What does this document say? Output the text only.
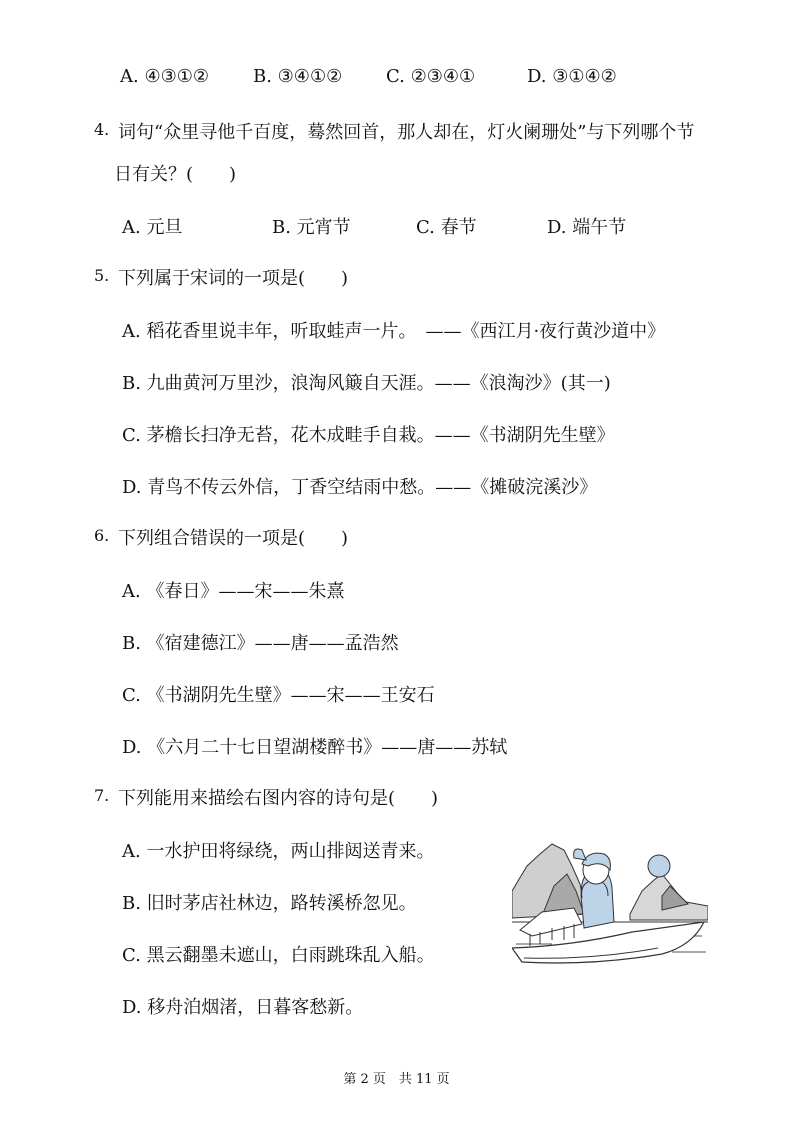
A. ④③①② B. ③④①② C. ②③④①	D. ③①④②
4. 词句“众里寻他千百度，蓦然回首，那人却在，灯火阑珊处”与下列哪个节
日有关？(　　)
A. 元旦	B. 元宵节	C. 春节	D. 端午节
5. 下列属于宋词的一项是(　　)
A. 稻花香里说丰年，听取蛙声一片。　——《西江月·夜行黄沙道中》
B. 九曲黄河万里沙，浪淘风簸自天涯。——《浪淘沙》(其一)
C. 茅檐长扫净无苔，花木成畦手自栽。——《书湖阴先生壁》
D. 青鸟不传云外信，丁香空结雨中愁。——《摊破浣溪沙》
6. 下列组合错误的一项是(　　)
A. 《春日》——宋——朱熹
B. 《宿建德江》——唐——孟浩然
C. 《书湖阴先生壁》——宋——王安石
D. 《六月二十七日望湖楼醉书》——唐——苏轼
7. 下列能用来描绘右图内容的诗句是(　　)
A. 一水护田将绿绕，两山排闼送青来。
B. 旧时茅店社林边，路转溪桥忽见。
C. 黑云翻墨未遮山，白雨跳珠乱入船。
D. 移舟泊烟渚，日暮客愁新。
第 2 页　共 11 页
